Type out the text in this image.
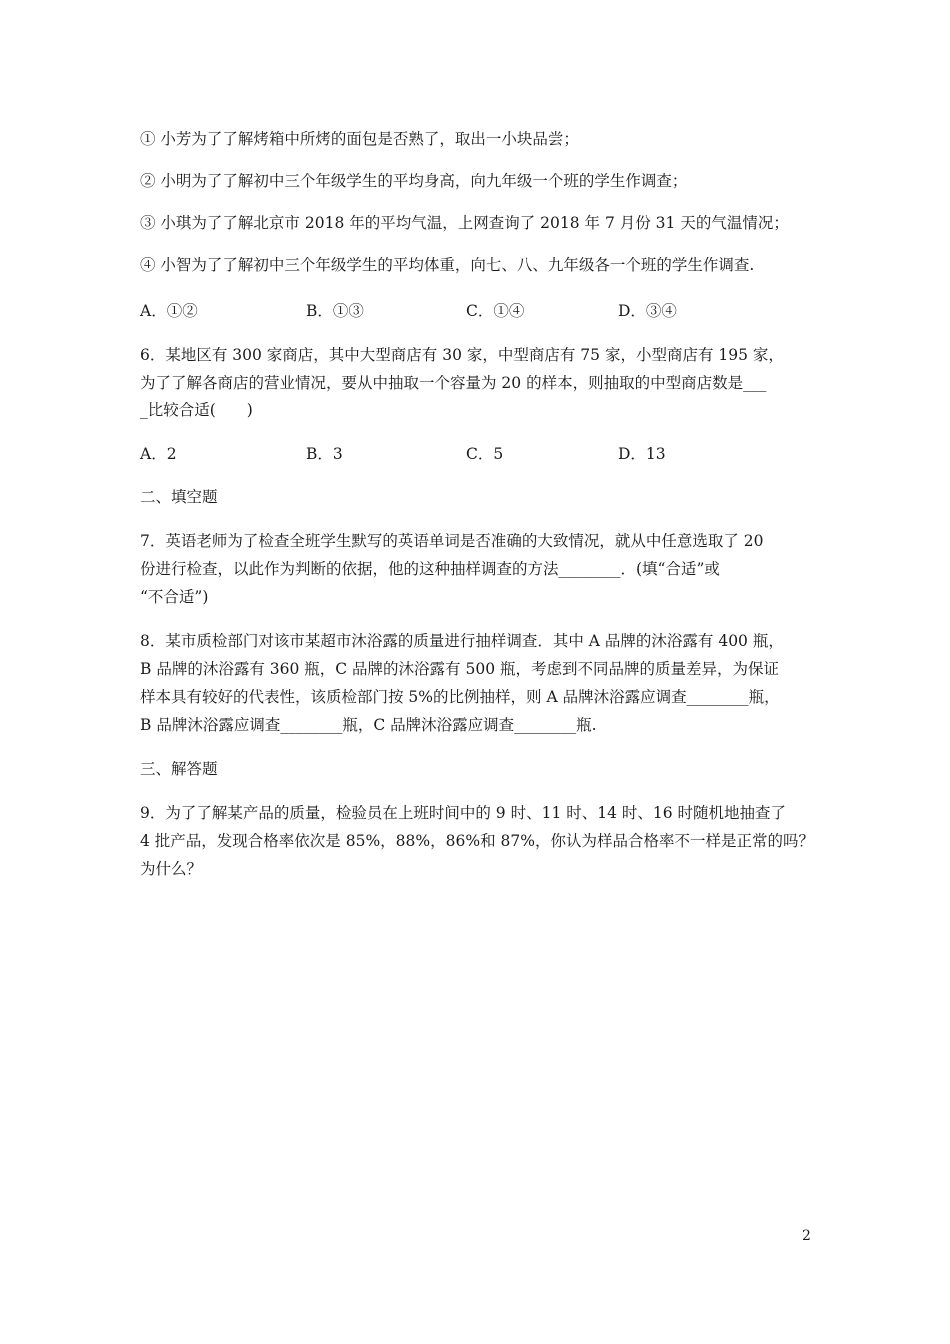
① 小芳为了了解烤箱中所烤的面包是否熟了，取出一小块品尝；
② 小明为了了解初中三个年级学生的平均身高，向九年级一个班的学生作调查；
③ 小琪为了了解北京市 2018 年的平均气温，上网查询了 2018 年 7 月份 31 天的气温情况；
④ 小智为了了解初中三个年级学生的平均体重，向七、八、九年级各一个班的学生作调查.
A．①②	B．①③	C．①④	D．③④
6．某地区有 300 家商店，其中大型商店有 30 家，中型商店有 75 家，小型商店有 195 家，
为了了解各商店的营业情况，要从中抽取一个容量为 20 的样本，则抽取的中型商店数是___
_比较合适(　　)
A．2	B．3	C．5	D．13
二、填空题
7．英语老师为了检查全班学生默写的英语单词是否准确的大致情况，就从中任意选取了 20
份进行检查，以此作为判断的依据，他的这种抽样调查的方法________．(填“合适”或
“不合适”)
8．某市质检部门对该市某超市沐浴露的质量进行抽样调查．其中 A 品牌的沐浴露有 400 瓶，
B 品牌的沐浴露有 360 瓶，C 品牌的沐浴露有 500 瓶，考虑到不同品牌的质量差异，为保证
样本具有较好的代表性，该质检部门按 5%的比例抽样，则 A 品牌沐浴露应调查________瓶，
B 品牌沐浴露应调查________瓶，C 品牌沐浴露应调查________瓶.
三、解答题
9．为了了解某产品的质量，检验员在上班时间中的 9 时、11 时、14 时、16 时随机地抽查了
4 批产品，发现合格率依次是 85%，88%，86%和 87%，你认为样品合格率不一样是正常的吗？
为什么？
2
